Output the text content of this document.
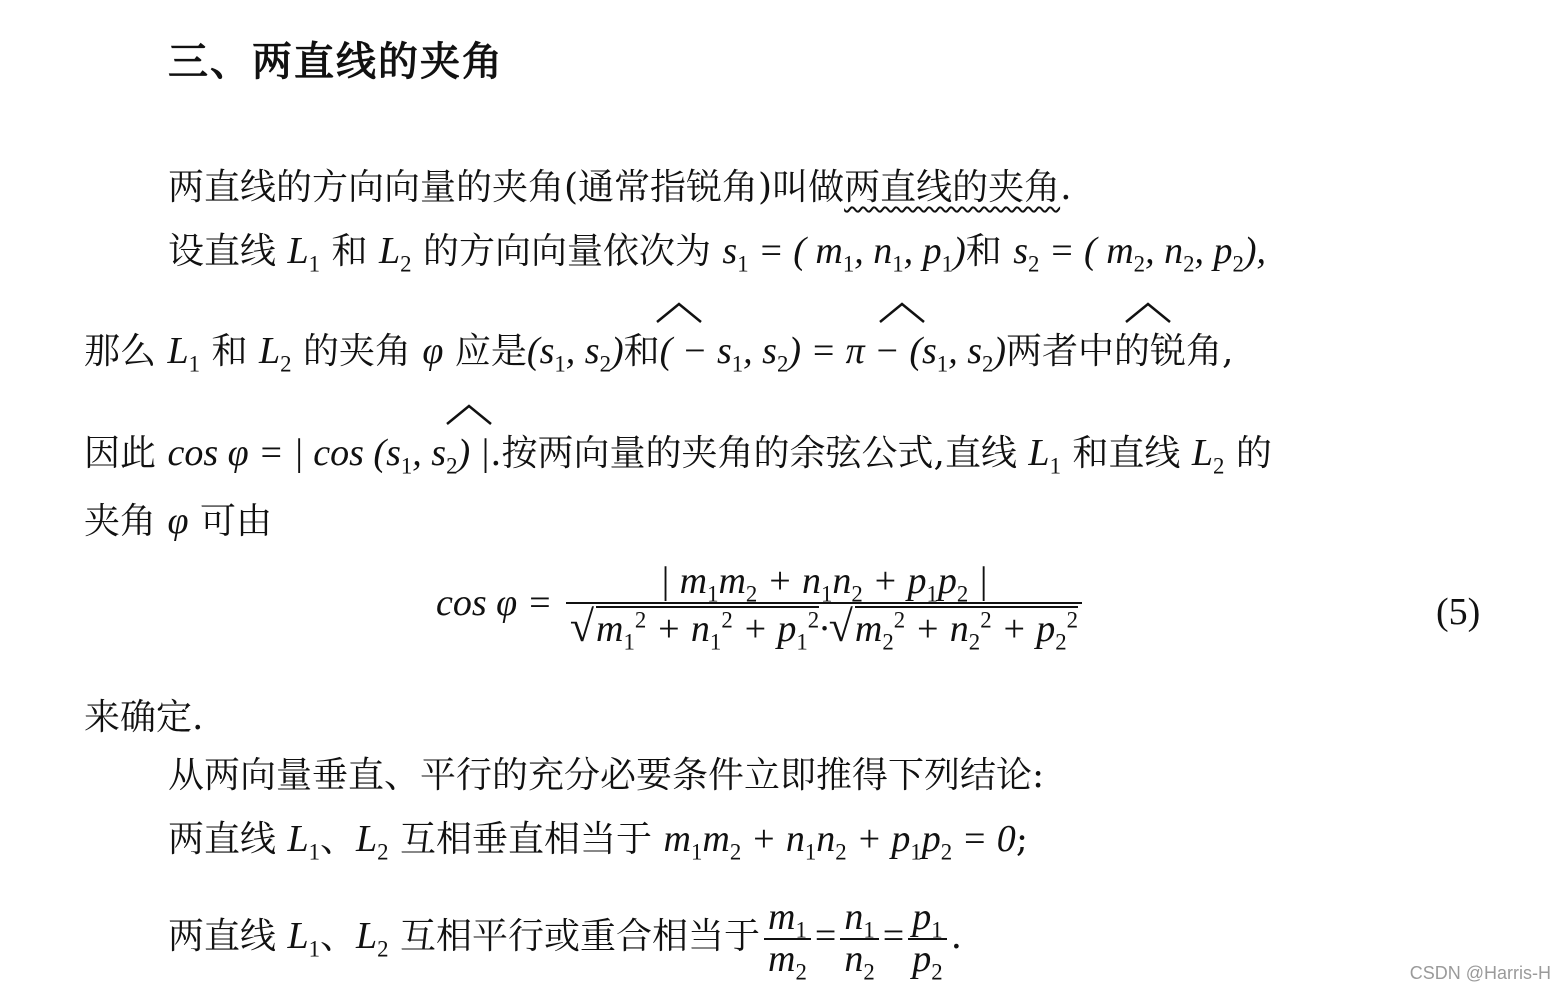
三、两直线的夹角
两直线的方向向量的夹角(通常指锐角)叫做两直线的夹角.
设直线 $L_1$ 和 $L_2$ 的方向向量依次为 $s_1$ = ( $m_1$, $n_1$, $p_1$)和 $s_2$ = ( $m_2$, $n_2$, $p_2$),
那么 $L_1$ 和 $L_2$ 的夹角 φ 应是($s_1$, $s_2$)和( − $s_1$, $s_2) = \pi - (s_1$, $s_2$)两者中的锐角,
因此 cos φ = | $\cos (s_1$, $s_2$) |.按两向量的夹角的余弦公式,直线 $L_1$ 和直线 $L_2$ 的
夹角 φ 可由
$\cos \varphi = \frac{| m_1m_2 + n_1n_2 + p_1p_2 |}{√m_1^2 + n_1^2 + p_1^2\cdot√m_2^2 + n_2^2 + p_2^2}$	(5)
来确定.
从两向量垂直、平行的充分必要条件立即推得下列结论:
两直线 $L_1$、$L_2$ 互相垂直相当于 $m_1m_2 + n_1n_2 + p_1p_2 = 0$;
两直线 $L_1$、$L_2$ 互相平行或重合相当于 $\frac{m_1}{m_2} = \frac{n_1}{n_2} = \frac{p_1}{p_2}$ .
CSDN @Harris-H
